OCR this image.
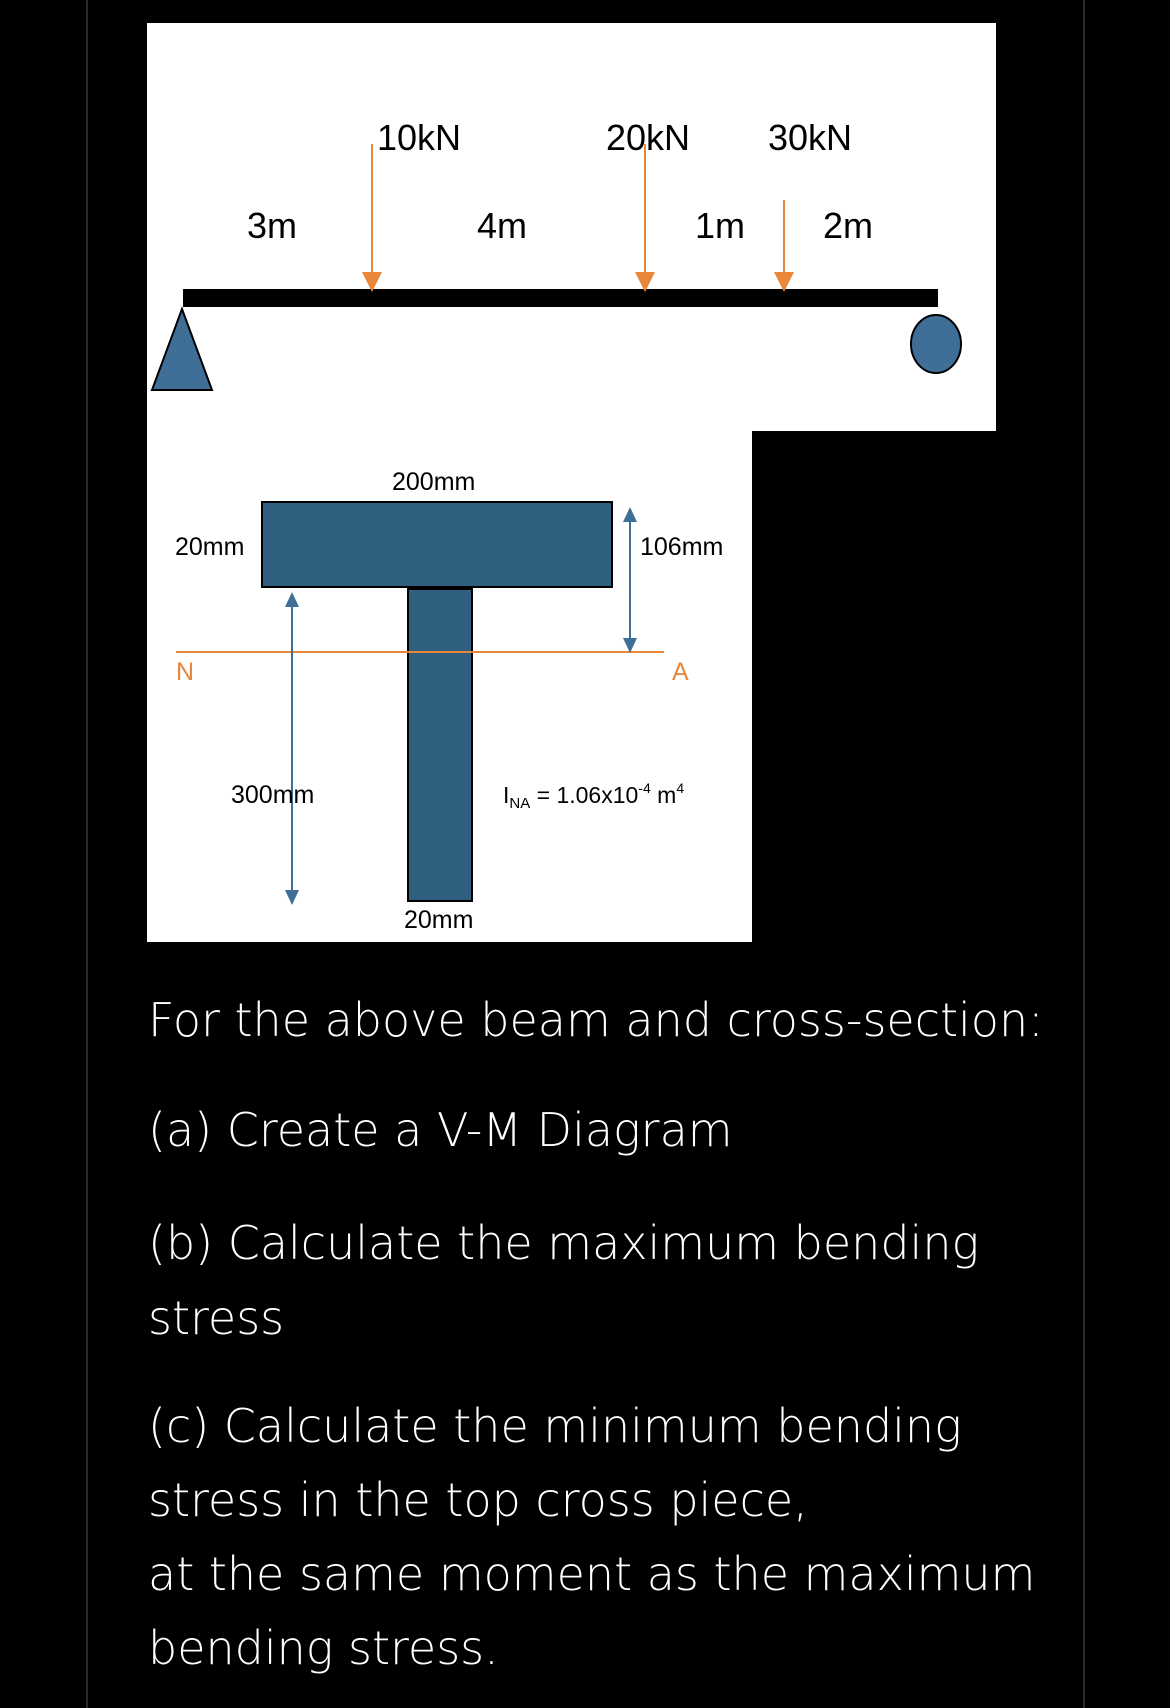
10kN	20kN 30kN
3m	4m	1m 2m
200mm
20mm	106mm
300mm
20mm
N	A
$I_{NA} = 1.06x10^{-4}$ $m^4$

For the above beam and cross-section:

(a) Create a V-M Diagram

(b) Calculate the maximum bending

stress

(c) Calculate the minimum bending

stress in the top cross piece,

at the same moment as the maximum

bending stress.
